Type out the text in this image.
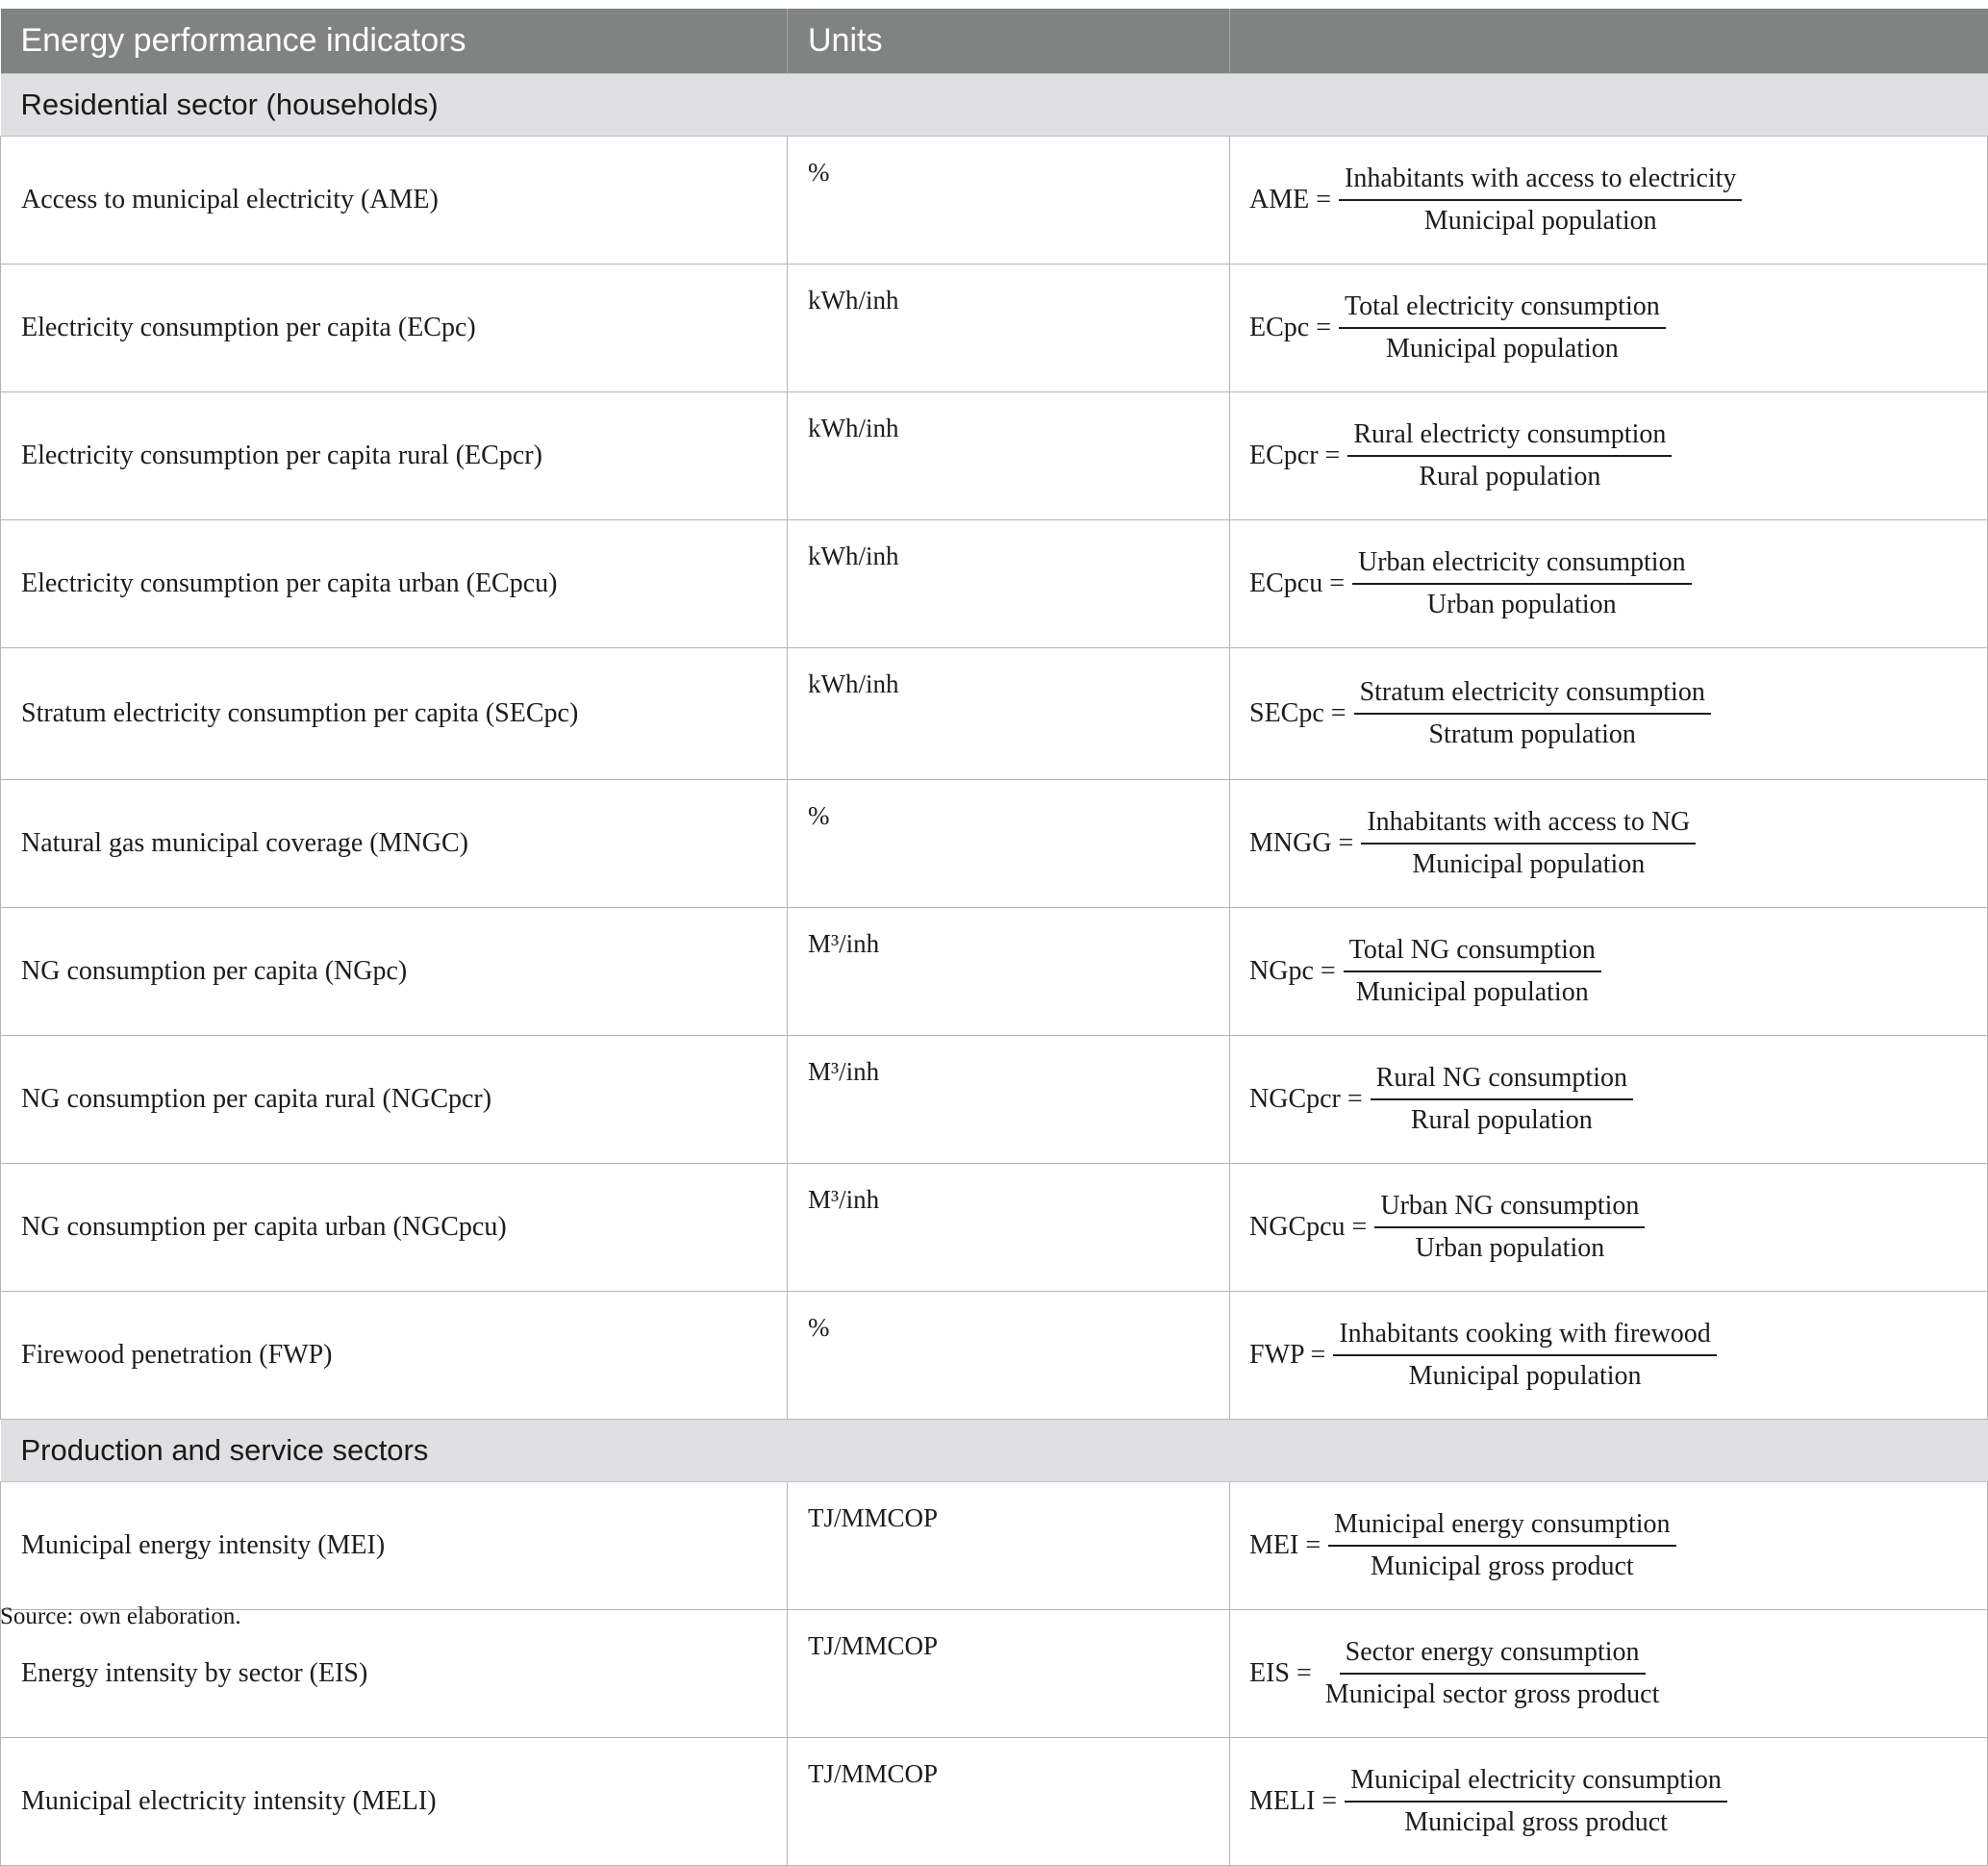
Energy performance indicators	Units	
Residential sector (households)		
Access to municipal electricity (AME)	%	AME = $\frac{\text{Inhabitants with access to electricity}}{\text{Municipal population}}$

Electricity consumption per capita (ECpc)	kWh/inh	ECpc = $\frac{\text{Total electricity consumption}}{\text{Municipal population}}$

Electricity consumption per capita rural (ECpcr)	kWh/inh	ECpcr = $\frac{\text{Rural electricty consumption}}{\text{Rural population}}$

Electricity consumption per capita urban (ECpcu)	kWh/inh	ECpcu = $\frac{\text{Urban electricity consumption}}{\text{Urban population}}$

Stratum electricity consumption per capita (SECpc)	kWh/inh	SECpc = $\frac{\text{Stratum electricity consumption}}{\text{Stratum population}}$

Natural gas municipal coverage (MNGC)	%	MNGG = $\frac{\text{Inhabitants with access to NG}}{\text{Municipal population}}$

NG consumption per capita (NGpc)	M³/inh	NGpc = $\frac{\text{Total NG consumption}}{\text{Municipal population}}$

NG consumption per capita rural (NGCpcr)	M³/inh	NGCpcr = $\frac{\text{Rural NG consumption}}{\text{Rural population}}$

NG consumption per capita urban (NGCpcu)	M³/inh	NGCpcu = $\frac{\text{Urban NG consumption}}{\text{Urban population}}$

Firewood penetration (FWP)	%	FWP = $\frac{\text{Inhabitants cooking with firewood}}{\text{Municipal population}}$

Production and service sectors		
Municipal energy intensity (MEI)	TJ/MMCOP	MEI = $\frac{\text{Municipal energy consumption}}{\text{Municipal gross product}}$

Energy intensity by sector (EIS)	TJ/MMCOP	EIS = $\frac{\text{Sector energy consumption}}{\text{Municipal sector gross product}}$

Municipal electricity intensity (MELI)	TJ/MMCOP	MELI = $\frac{\text{Municipal electricity consumption}}{\text{Municipal gross product}}$
Source: own elaboration.
